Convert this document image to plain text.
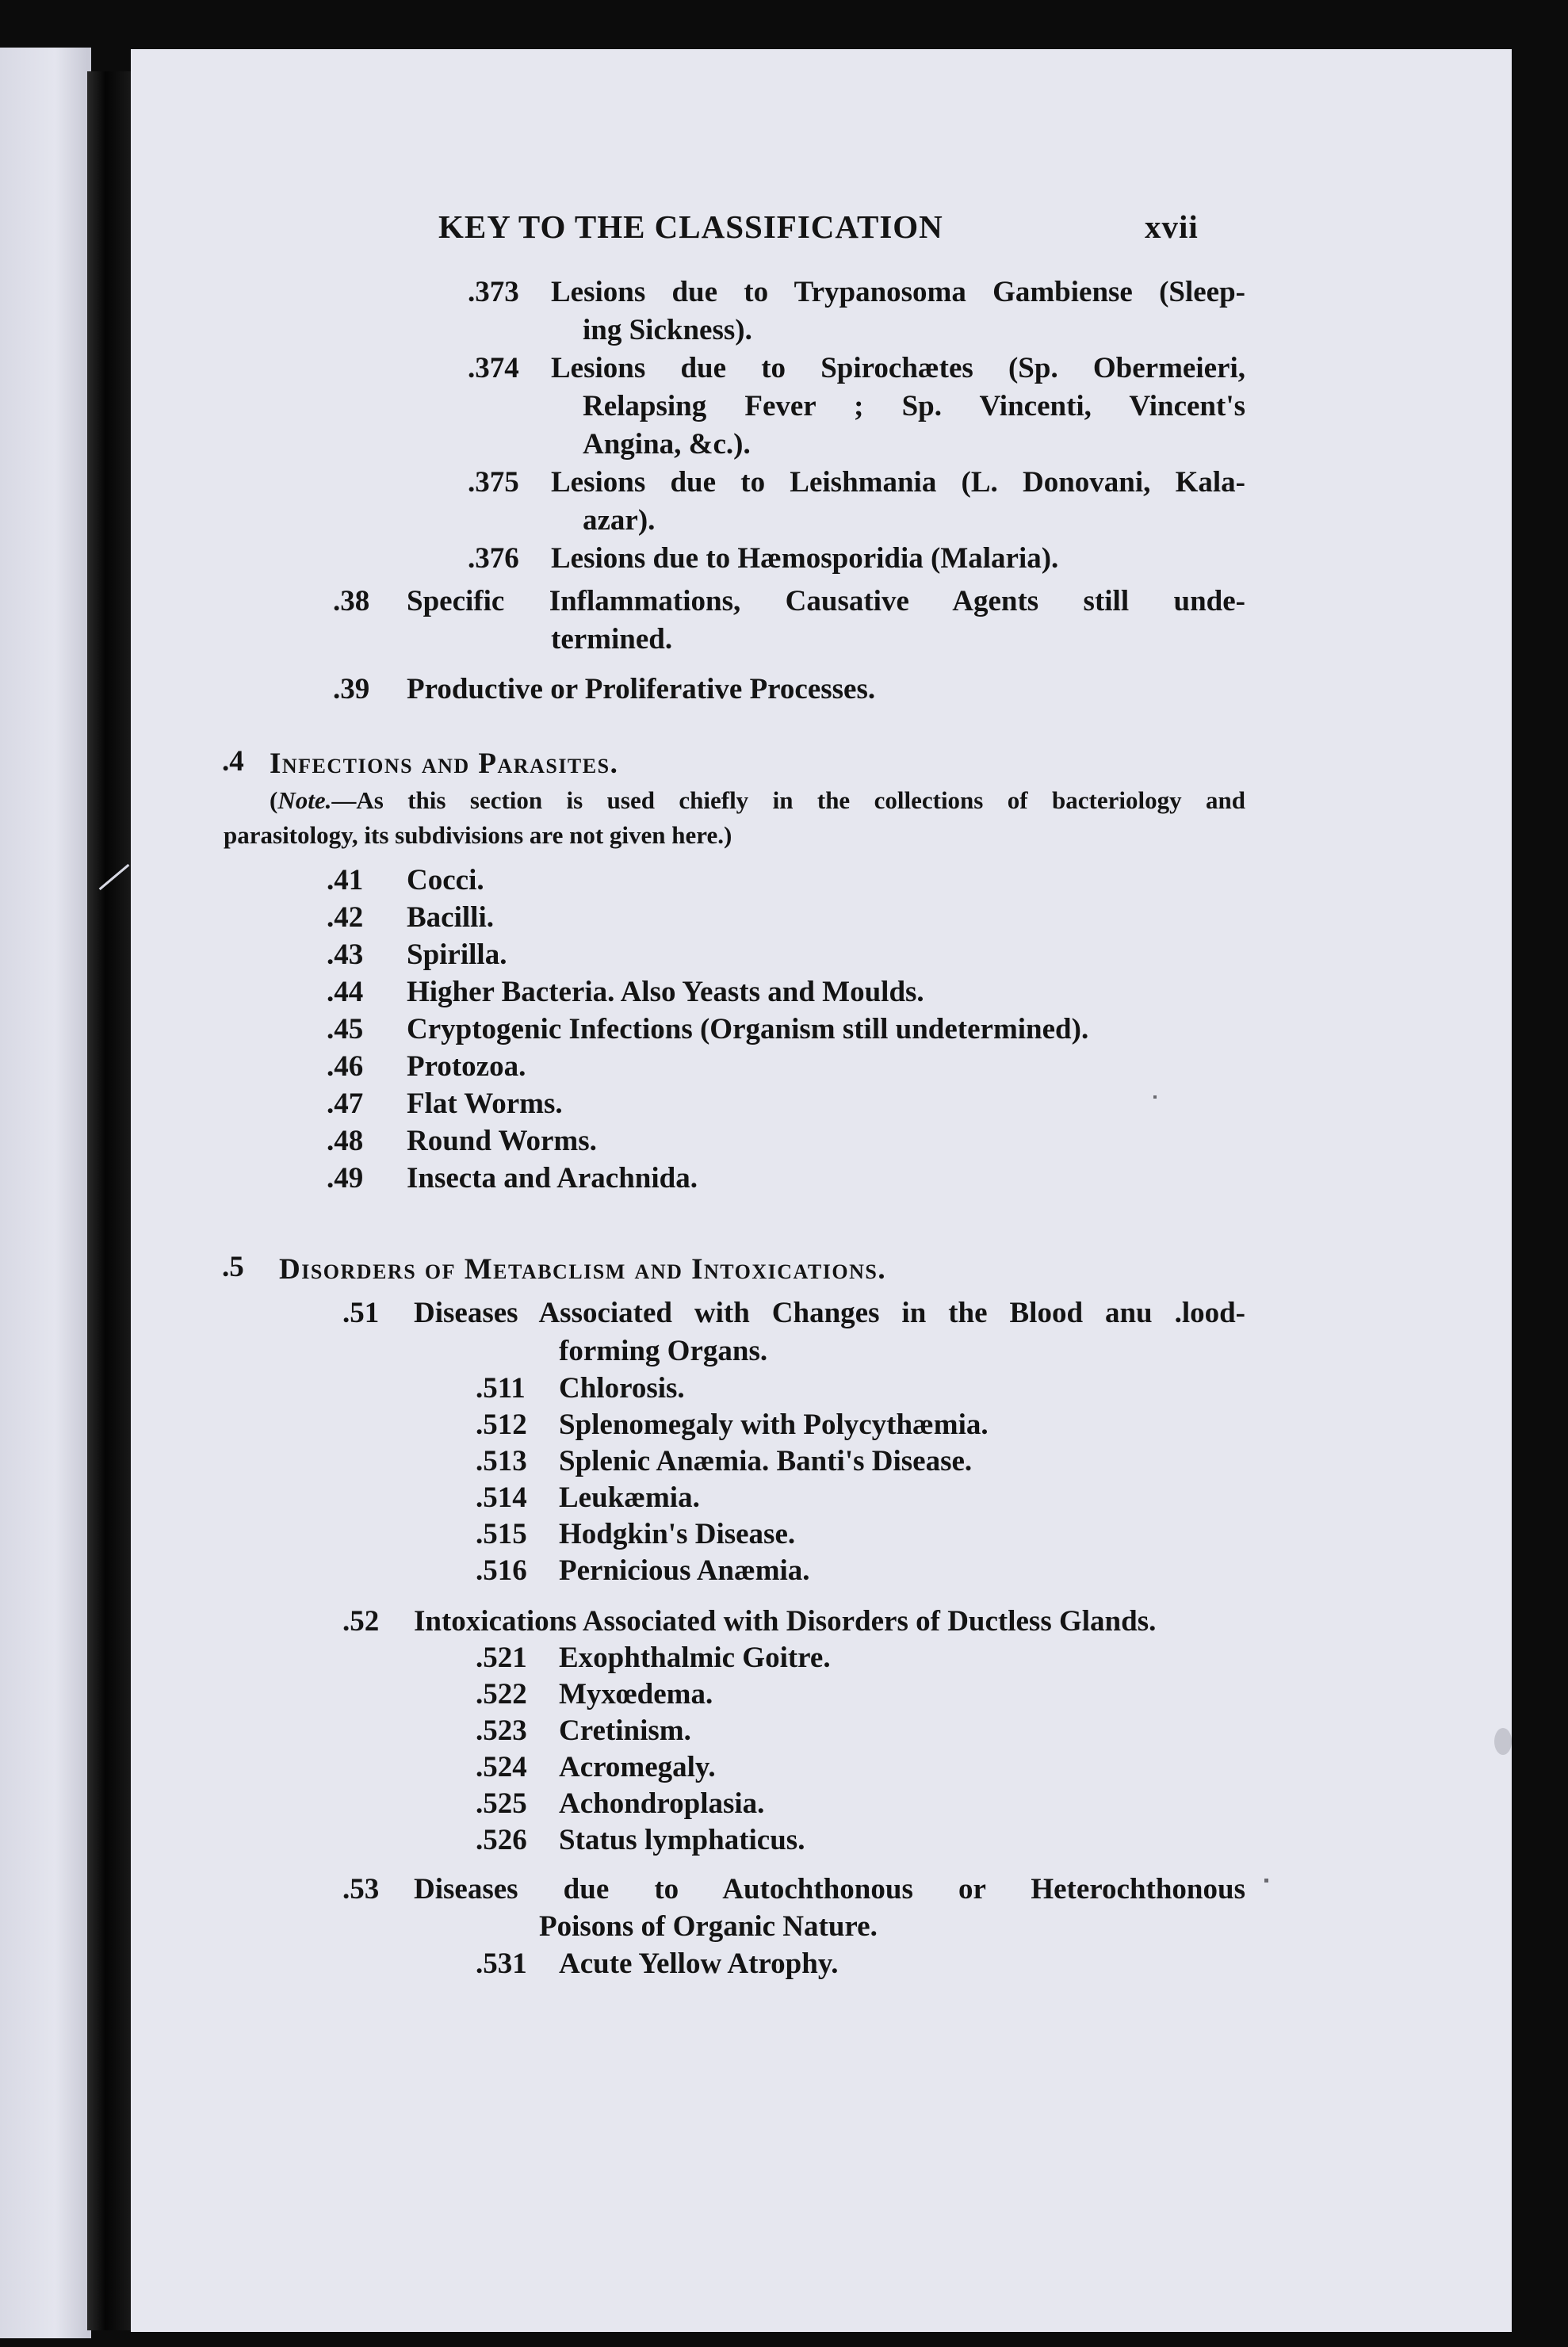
KEY TO THE CLASSIFICATION	xvii
.373 Lesions due to Trypanosoma Gambiense (Sleep-
ing Sickness).
.374 Lesions due to Spirochætes (Sp. Obermeieri,
Relapsing Fever ; Sp. Vincenti, Vincent's
Angina, &c.).
.375 Lesions due to Leishmania (L. Donovani, Kala-
azar).
.376 Lesions due to Hæmosporidia (Malaria).
.38 Specific Inflammations, Causative Agents still unde-
termined.
.39 Productive or Proliferative Processes.
.4 Infections and Parasites.
(Note.—As this section is used chiefly in the collections of bacteriology and
parasitology, its subdivisions are not given here.)
.41 Cocci.
.42 Bacilli.
.43 Spirilla.
.44 Higher Bacteria. Also Yeasts and Moulds.
.45 Cryptogenic Infections (Organism still undetermined).
.46 Protozoa.
.47 Flat Worms.
.48 Round Worms.
.49 Insecta and Arachnida.
.5 Disorders of Metabclism and Intoxications.
.51 Diseases Associated with Changes in the Blood anu .lood-
forming Organs.
.511 Chlorosis.
.512 Splenomegaly with Polycythæmia.
.513 Splenic Anæmia. Banti's Disease.
.514 Leukæmia.
.515 Hodgkin's Disease.
.516 Pernicious Anæmia.
.52 Intoxications Associated with Disorders of Ductless Glands.
.521 Exophthalmic Goitre.
.522 Myxœdema.
.523 Cretinism.
.524 Acromegaly.
.525 Achondroplasia.
.526 Status lymphaticus.
.53 Diseases due to Autochthonous or Heterochthonous
Poisons of Organic Nature.
.531 Acute Yellow Atrophy.
